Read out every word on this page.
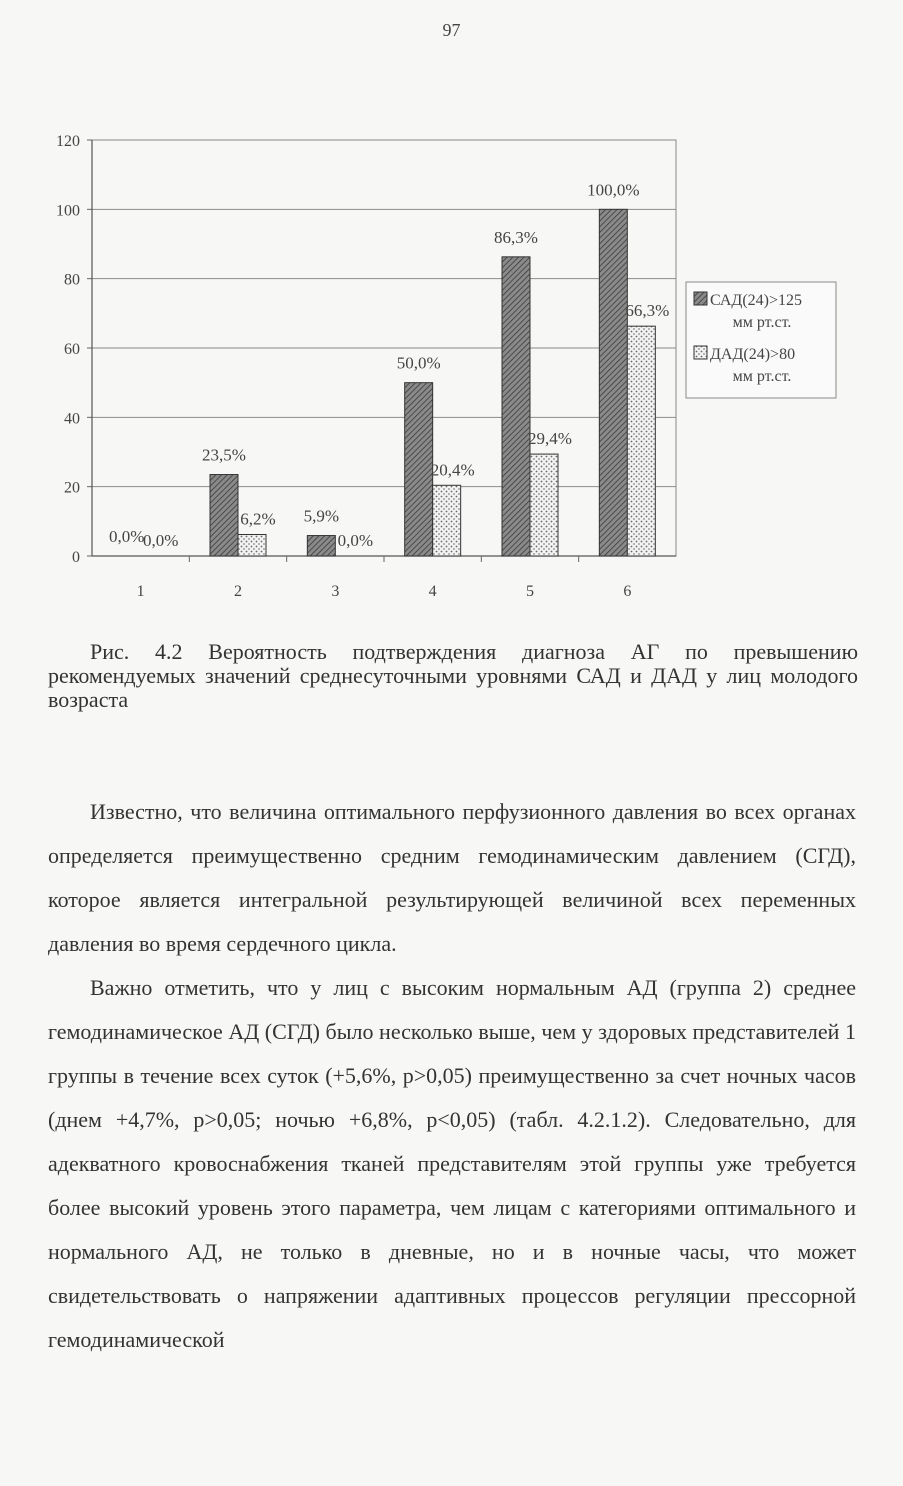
97
0
20
40
60
80
100
120
1	2	3	4	5	6
0,0%
0,0%
23,5%
6,2% 5,9%
0,0%
50,0%
20,4%
86,3%
29,4%
100,0%
66,3%
САД(24)>125
мм рт.ст.
ДАД(24)>80
мм рт.ст.
Рис. 4.2 Вероятность подтверждения диагноза АГ по превышению рекомендуемых значений среднесуточными уровнями САД и ДАД у лиц молодого возраста

Известно, что величина оптимального перфузионного давления во всех органах определяется преимущественно средним гемодинамическим давлением (СГД), которое является интегральной результирующей величиной всех переменных давления во время сердечного цикла.

Важно отметить, что у лиц с высоким нормальным АД (группа 2) среднее гемодинамическое АД (СГД) было несколько выше, чем у здоровых представителей 1 группы в течение всех суток (+5,6%, p>0,05) преимущественно за счет ночных часов (днем +4,7%, p>0,05; ночью +6,8%, p<0,05) (табл. 4.2.1.2). Следовательно, для адекватного кровоснабжения тканей представителям этой группы уже требуется более высокий уровень этого параметра, чем лицам с категориями оптимального и нормального АД, не только в дневные, но и в ночные часы, что может свидетельствовать о напряжении адаптивных процессов регуляции прессорной гемодинамической
